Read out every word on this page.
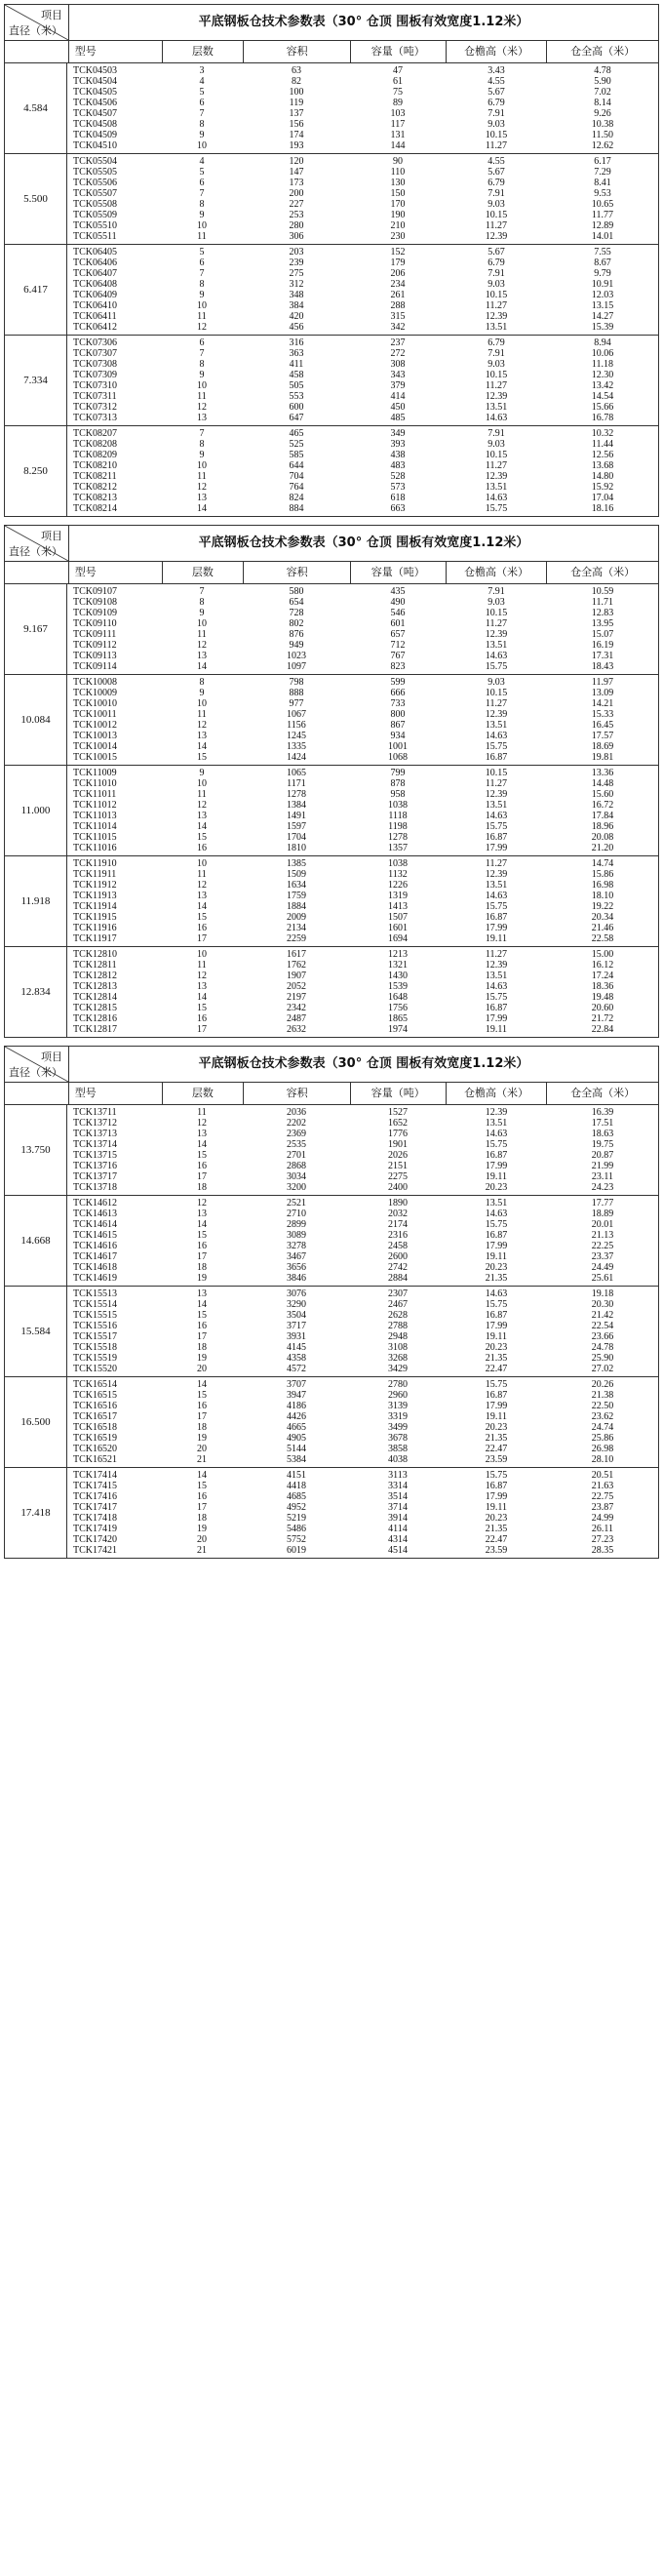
项目
直径（米）
平底钢板仓技术参数表（30° 仓顶 围板有效宽度1.12米）
型号	层数	容积	容量（吨）	仓檐高（米）	仓全高（米）
4.584
TCK04503	3	63	47	3.43	4.78
TCK04504	4	82	61	4.55	5.90
TCK04505	5	100	75	5.67	7.02
TCK04506	6	119	89	6.79	8.14
TCK04507	7	137	103	7.91	9.26
TCK04508	8	156	117	9.03	10.38
TCK04509	9	174	131	10.15	11.50
TCK04510	10	193	144	11.27	12.62
5.500
TCK05504	4	120	90	4.55	6.17
TCK05505	5	147	110	5.67	7.29
TCK05506	6	173	130	6.79	8.41
TCK05507	7	200	150	7.91	9.53
TCK05508	8	227	170	9.03	10.65
TCK05509	9	253	190	10.15	11.77
TCK05510	10	280	210	11.27	12.89
TCK05511	11	306	230	12.39	14.01
6.417
TCK06405	5	203	152	5.67	7.55
TCK06406	6	239	179	6.79	8.67
TCK06407	7	275	206	7.91	9.79
TCK06408	8	312	234	9.03	10.91
TCK06409	9	348	261	10.15	12.03
TCK06410	10	384	288	11.27	13.15
TCK06411	11	420	315	12.39	14.27
TCK06412	12	456	342	13.51	15.39
7.334
TCK07306	6	316	237	6.79	8.94
TCK07307	7	363	272	7.91	10.06
TCK07308	8	411	308	9.03	11.18
TCK07309	9	458	343	10.15	12.30
TCK07310	10	505	379	11.27	13.42
TCK07311	11	553	414	12.39	14.54
TCK07312	12	600	450	13.51	15.66
TCK07313	13	647	485	14.63	16.78
8.250
TCK08207	7	465	349	7.91	10.32
TCK08208	8	525	393	9.03	11.44
TCK08209	9	585	438	10.15	12.56
TCK08210	10	644	483	11.27	13.68
TCK08211	11	704	528	12.39	14.80
TCK08212	12	764	573	13.51	15.92
TCK08213	13	824	618	14.63	17.04
TCK08214	14	884	663	15.75	18.16
项目
直径（米）
平底钢板仓技术参数表（30° 仓顶 围板有效宽度1.12米）
型号	层数	容积	容量（吨）	仓檐高（米）	仓全高（米）
9.167
TCK09107	7	580	435	7.91	10.59
TCK09108	8	654	490	9.03	11.71
TCK09109	9	728	546	10.15	12.83
TCK09110	10	802	601	11.27	13.95
TCK09111	11	876	657	12.39	15.07
TCK09112	12	949	712	13.51	16.19
TCK09113	13	1023	767	14.63	17.31
TCK09114	14	1097	823	15.75	18.43
10.084
TCK10008	8	798	599	9.03	11.97
TCK10009	9	888	666	10.15	13.09
TCK10010	10	977	733	11.27	14.21
TCK10011	11	1067	800	12.39	15.33
TCK10012	12	1156	867	13.51	16.45
TCK10013	13	1245	934	14.63	17.57
TCK10014	14	1335	1001	15.75	18.69
TCK10015	15	1424	1068	16.87	19.81
11.000
TCK11009	9	1065	799	10.15	13.36
TCK11010	10	1171	878	11.27	14.48
TCK11011	11	1278	958	12.39	15.60
TCK11012	12	1384	1038	13.51	16.72
TCK11013	13	1491	1118	14.63	17.84
TCK11014	14	1597	1198	15.75	18.96
TCK11015	15	1704	1278	16.87	20.08
TCK11016	16	1810	1357	17.99	21.20
11.918
TCK11910	10	1385	1038	11.27	14.74
TCK11911	11	1509	1132	12.39	15.86
TCK11912	12	1634	1226	13.51	16.98
TCK11913	13	1759	1319	14.63	18.10
TCK11914	14	1884	1413	15.75	19.22
TCK11915	15	2009	1507	16.87	20.34
TCK11916	16	2134	1601	17.99	21.46
TCK11917	17	2259	1694	19.11	22.58
12.834
TCK12810	10	1617	1213	11.27	15.00
TCK12811	11	1762	1321	12.39	16.12
TCK12812	12	1907	1430	13.51	17.24
TCK12813	13	2052	1539	14.63	18.36
TCK12814	14	2197	1648	15.75	19.48
TCK12815	15	2342	1756	16.87	20.60
TCK12816	16	2487	1865	17.99	21.72
TCK12817	17	2632	1974	19.11	22.84
项目
直径（米）
平底钢板仓技术参数表（30° 仓顶 围板有效宽度1.12米）
型号	层数	容积	容量（吨）	仓檐高（米）	仓全高（米）
13.750
TCK13711	11	2036	1527	12.39	16.39
TCK13712	12	2202	1652	13.51	17.51
TCK13713	13	2369	1776	14.63	18.63
TCK13714	14	2535	1901	15.75	19.75
TCK13715	15	2701	2026	16.87	20.87
TCK13716	16	2868	2151	17.99	21.99
TCK13717	17	3034	2275	19.11	23.11
TCK13718	18	3200	2400	20.23	24.23
14.668
TCK14612	12	2521	1890	13.51	17.77
TCK14613	13	2710	2032	14.63	18.89
TCK14614	14	2899	2174	15.75	20.01
TCK14615	15	3089	2316	16.87	21.13
TCK14616	16	3278	2458	17.99	22.25
TCK14617	17	3467	2600	19.11	23.37
TCK14618	18	3656	2742	20.23	24.49
TCK14619	19	3846	2884	21.35	25.61
15.584
TCK15513	13	3076	2307	14.63	19.18
TCK15514	14	3290	2467	15.75	20.30
TCK15515	15	3504	2628	16.87	21.42
TCK15516	16	3717	2788	17.99	22.54
TCK15517	17	3931	2948	19.11	23.66
TCK15518	18	4145	3108	20.23	24.78
TCK15519	19	4358	3268	21.35	25.90
TCK15520	20	4572	3429	22.47	27.02
16.500
TCK16514	14	3707	2780	15.75	20.26
TCK16515	15	3947	2960	16.87	21.38
TCK16516	16	4186	3139	17.99	22.50
TCK16517	17	4426	3319	19.11	23.62
TCK16518	18	4665	3499	20.23	24.74
TCK16519	19	4905	3678	21.35	25.86
TCK16520	20	5144	3858	22.47	26.98
TCK16521	21	5384	4038	23.59	28.10
17.418
TCK17414	14	4151	3113	15.75	20.51
TCK17415	15	4418	3314	16.87	21.63
TCK17416	16	4685	3514	17.99	22.75
TCK17417	17	4952	3714	19.11	23.87
TCK17418	18	5219	3914	20.23	24.99
TCK17419	19	5486	4114	21.35	26.11
TCK17420	20	5752	4314	22.47	27.23
TCK17421	21	6019	4514	23.59	28.35
